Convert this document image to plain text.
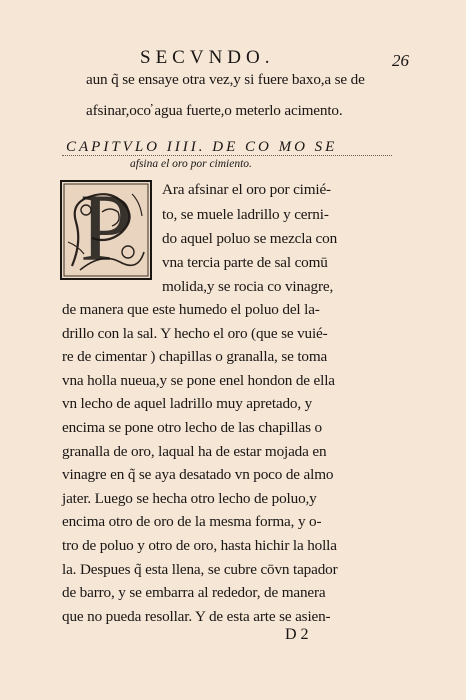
SECVNDO.	26
aun q̃ se ensaye otra vez,y si fuere baxo,a se de
afsinar,oco̕ agua fuerte,o meterlo acimento.
CAPITVLO IIII. DE CO MO SE
afsina el oro por cimiento.
P Ara afsinar el oro por cimié-
to, se muele ladrillo y cerni-
do aquel poluo se mezcla con
vna tercia parte de sal comū
molida,y se rocia co vinagre,
de manera que este humedo el poluo del la-
drillo con la sal. Y hecho el oro (que se vuié-
re de cimentar ) chapillas o granalla, se toma
vna holla nueua,y se pone enel hondon de ella
vn lecho de aquel ladrillo muy apretado, y
encima se pone otro lecho de las chapillas o
granalla de oro, laqual ha de estar mojada en
vinagre en q̃ se aya desatado vn poco de almo
jater. Luego se hecha otro lecho de poluo,y
encima otro de oro de la mesma forma, y o-
tro de poluo y otro de oro, hasta hichir la holla
la. Despues q̃ esta llena, se cubre cōvn tapador
de barro, y se embarra al rededor, de manera
que no pueda resollar. Y de esta arte se asien-
D 2
